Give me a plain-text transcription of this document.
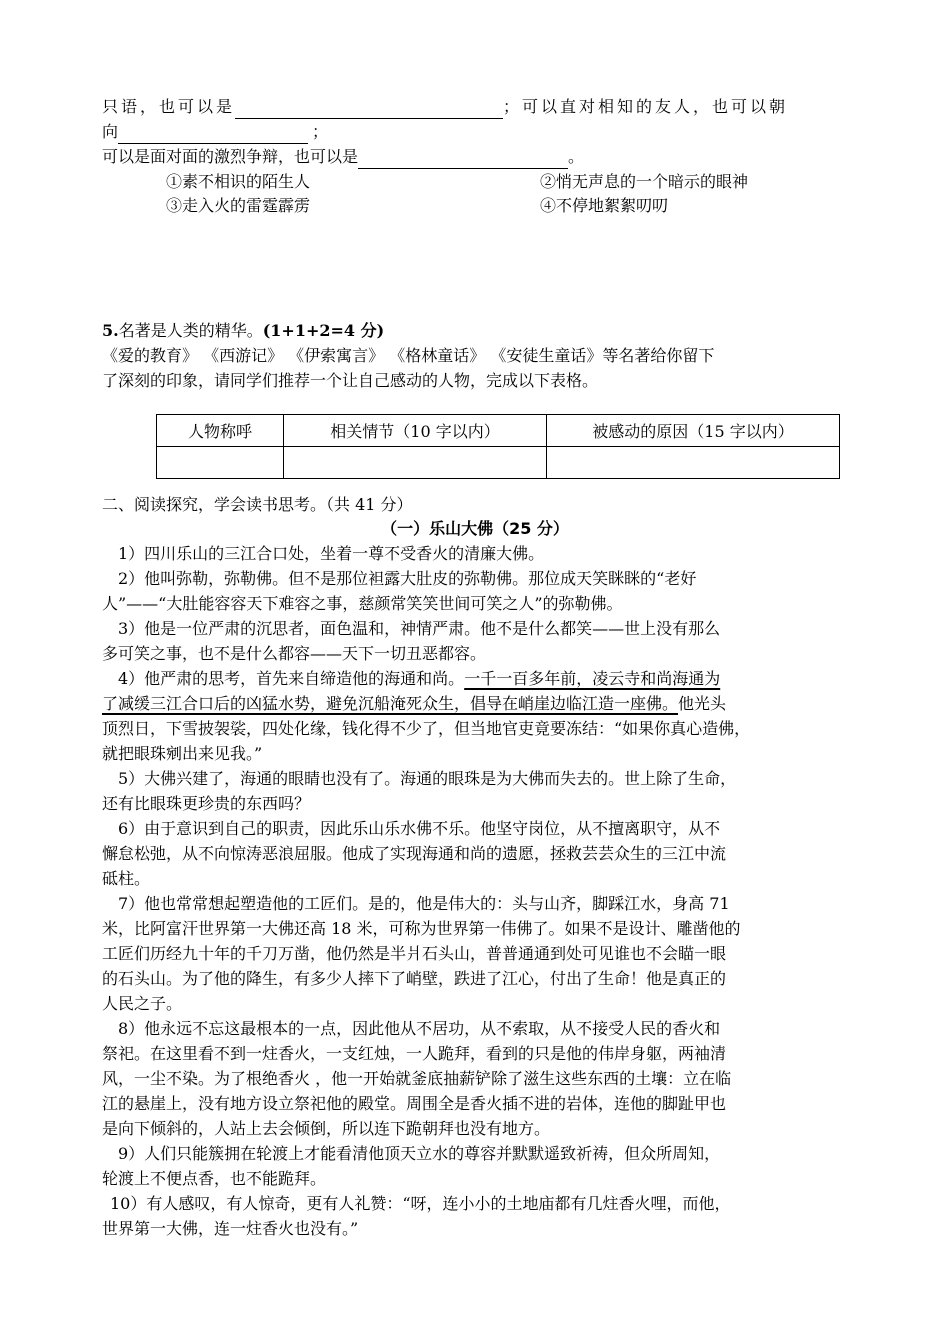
只语，也可以是	；可以直对相知的友人，也可以朝
向	；
可以是面对面的激烈争辩，也可以是	。
①素不相识的陌生人	②悄无声息的一个暗示的眼神
③走入火的雷霆霹雳	④不停地絮絮叨叨
5.名著是人类的精华。(1+1+2=4 分)
《爱的教育》 《西游记》 《伊索寓言》 《格林童话》 《安徒生童话》等名著给你留下
了深刻的印象，请同学们推荐一个让自己感动的人物，完成以下表格。
人物称呼	相关情节（10 字以内）	被感动的原因（15 字以内）

二、阅读探究，学会读书思考。（共 41 分）
（一）乐山大佛（25 分）
1）四川乐山的三江合口处，坐着一尊不受香火的清廉大佛。
2）他叫弥勒，弥勒佛。但不是那位袒露大肚皮的弥勒佛。那位成天笑眯眯的“老好
人”——“大肚能容容天下难容之事，慈颜常笑笑世间可笑之人”的弥勒佛。
3）他是一位严肃的沉思者，面色温和，神情严肃。他不是什么都笑——世上没有那么
多可笑之事，也不是什么都容——天下一切丑恶都容。
4）他严肃的思考，首先来自缔造他的海通和尚。一千一百多年前，凌云寺和尚海通为
了减缓三江合口后的凶猛水势，避免沉船淹死众生，倡导在峭崖边临江造一座佛。他光头
顶烈日，下雪披袈裟，四处化缘，钱化得不少了，但当地官吏竟要冻结：“如果你真心造佛，
就把眼珠剜出来见我。”
5）大佛兴建了，海通的眼睛也没有了。海通的眼珠是为大佛而失去的。世上除了生命，
还有比眼珠更珍贵的东西吗？
6）由于意识到自己的职责，因此乐山乐水佛不乐。他坚守岗位，从不擅离职守，从不
懈怠松弛，从不向惊涛恶浪屈服。他成了实现海通和尚的遗愿，拯救芸芸众生的三江中流
砥柱。
7）他也常常想起塑造他的工匠们。是的，他是伟大的：头与山齐，脚踩江水，身高 71
米，比阿富汗世界第一大佛还高 18 米，可称为世界第一伟佛了。如果不是设计、雕凿他的
工匠们历经九十年的千刀万凿，他仍然是半爿石头山，普普通通到处可见谁也不会瞄一眼
的石头山。为了他的降生，有多少人摔下了峭壁，跌进了江心，付出了生命！他是真正的
人民之子。
8）他永远不忘这最根本的一点，因此他从不居功，从不索取，从不接受人民的香火和
祭祀。在这里看不到一炷香火，一支红烛，一人跪拜，看到的只是他的伟岸身躯，两袖清
风，一尘不染。为了根绝香火 ，他一开始就釜底抽薪铲除了滋生这些东西的土壤：立在临
江的悬崖上，没有地方设立祭祀他的殿堂。周围全是香火插不进的岩体，连他的脚趾甲也
是向下倾斜的，人站上去会倾倒，所以连下跪朝拜也没有地方。
9）人们只能簇拥在轮渡上才能看清他顶天立水的尊容并默默遥致祈祷，但众所周知，
轮渡上不便点香，也不能跪拜。
10）有人感叹，有人惊奇，更有人礼赞：“呀，连小小的土地庙都有几炷香火哩，而他，
世界第一大佛，连一炷香火也没有。”
